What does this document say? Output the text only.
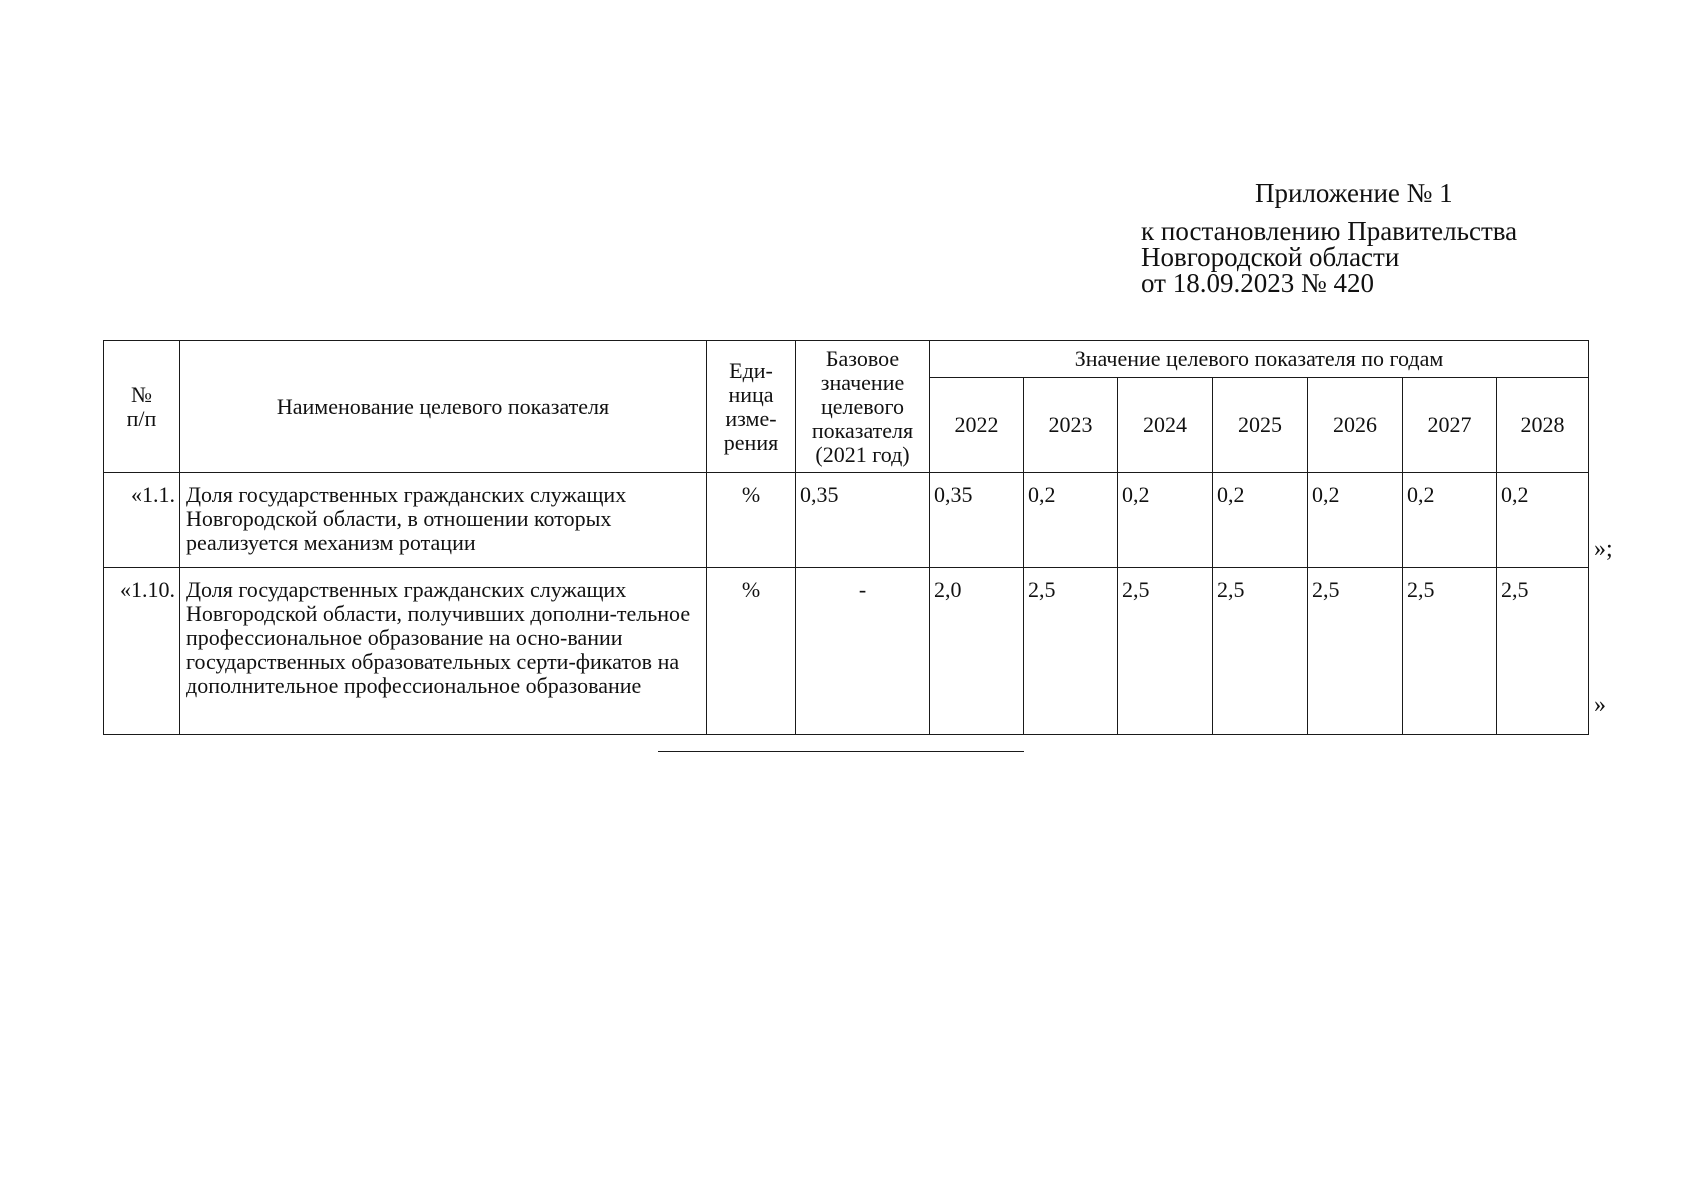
Приложение № 1
к постановлению Правительства
Новгородской области
от 18.09.2023 № 420
№ п/п	Наименование целевого показателя	Еди-ница изме-рения	Базовое значение целевого показателя (2021 год)	Значение целевого показателя по годам						
				2022	2023	2024	2025	2026	2027	2028
«1.1.	Доля государственных гражданских служащих Новгородской области, в отношении которых реализуется механизм ротации	%	0,35	0,35	0,2	0,2	0,2	0,2	0,2	0,2
«1.10.	Доля государственных гражданских служащих Новгородской области, получивших дополни-тельное профессиональное образование на осно-вании государственных образовательных серти-фикатов на дополнительное профессиональное образование	%	-	2,0	2,5	2,5	2,5	2,5	2,5	2,5
»;
»
